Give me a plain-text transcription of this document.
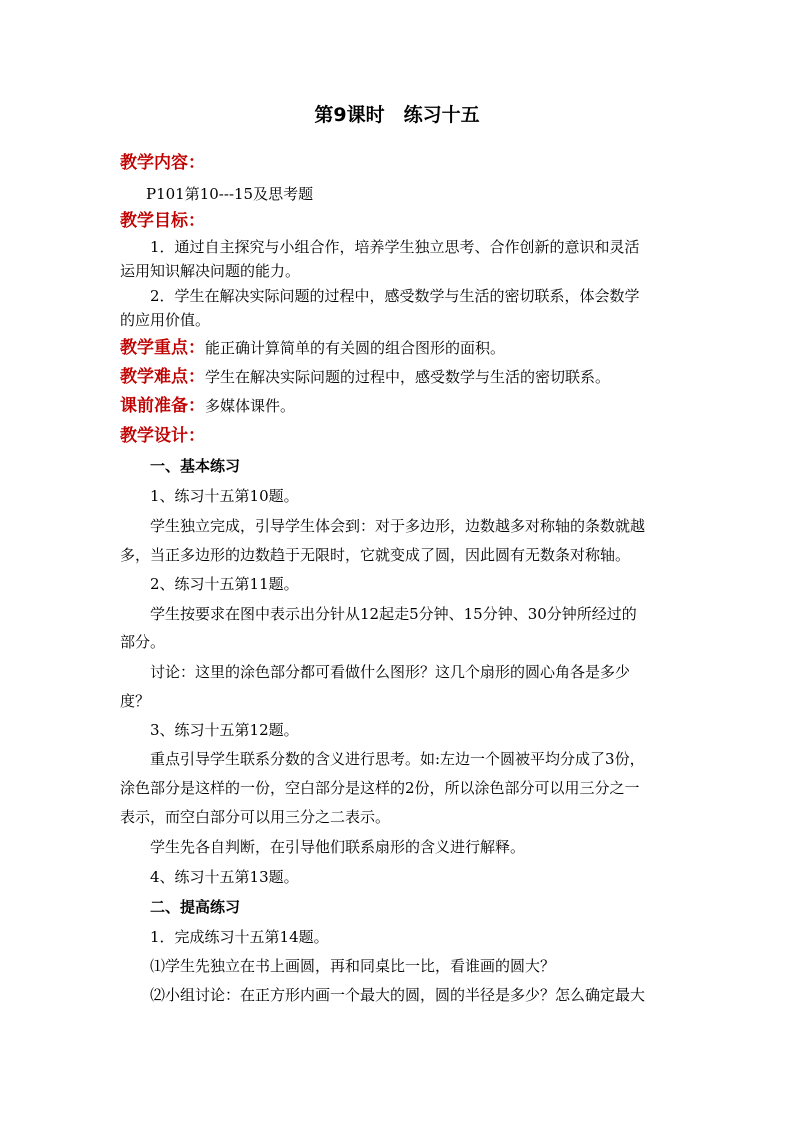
第9课时　练习十五
教学内容：
P101第10---15及思考题
教学目标：
1．通过自主探究与小组合作，培养学生独立思考、合作创新的意识和灵活
运用知识解决问题的能力。
2．学生在解决实际问题的过程中，感受数学与生活的密切联系，体会数学
的应用价值。
教学重点：能正确计算简单的有关圆的组合图形的面积。
教学难点：学生在解决实际问题的过程中，感受数学与生活的密切联系。
课前准备：多媒体课件。
教学设计：
一、基本练习
1、练习十五第10题。
学生独立完成，引导学生体会到：对于多边形，边数越多对称轴的条数就越
多，当正多边形的边数趋于无限时，它就变成了圆，因此圆有无数条对称轴。
2、练习十五第11题。
学生按要求在图中表示出分针从12起走5分钟、15分钟、30分钟所经过的
部分。
讨论：这里的涂色部分都可看做什么图形？这几个扇形的圆心角各是多少
度？
3、练习十五第12题。
重点引导学生联系分数的含义进行思考。如:左边一个圆被平均分成了3份，
涂色部分是这样的一份，空白部分是这样的2份，所以涂色部分可以用三分之一
表示，而空白部分可以用三分之二表示。
学生先各自判断，在引导他们联系扇形的含义进行解释。
4、练习十五第13题。
二、提高练习
1．完成练习十五第14题。
⑴学生先独立在书上画圆，再和同桌比一比，看谁画的圆大？
⑵小组讨论：在正方形内画一个最大的圆，圆的半径是多少？怎么确定最大
